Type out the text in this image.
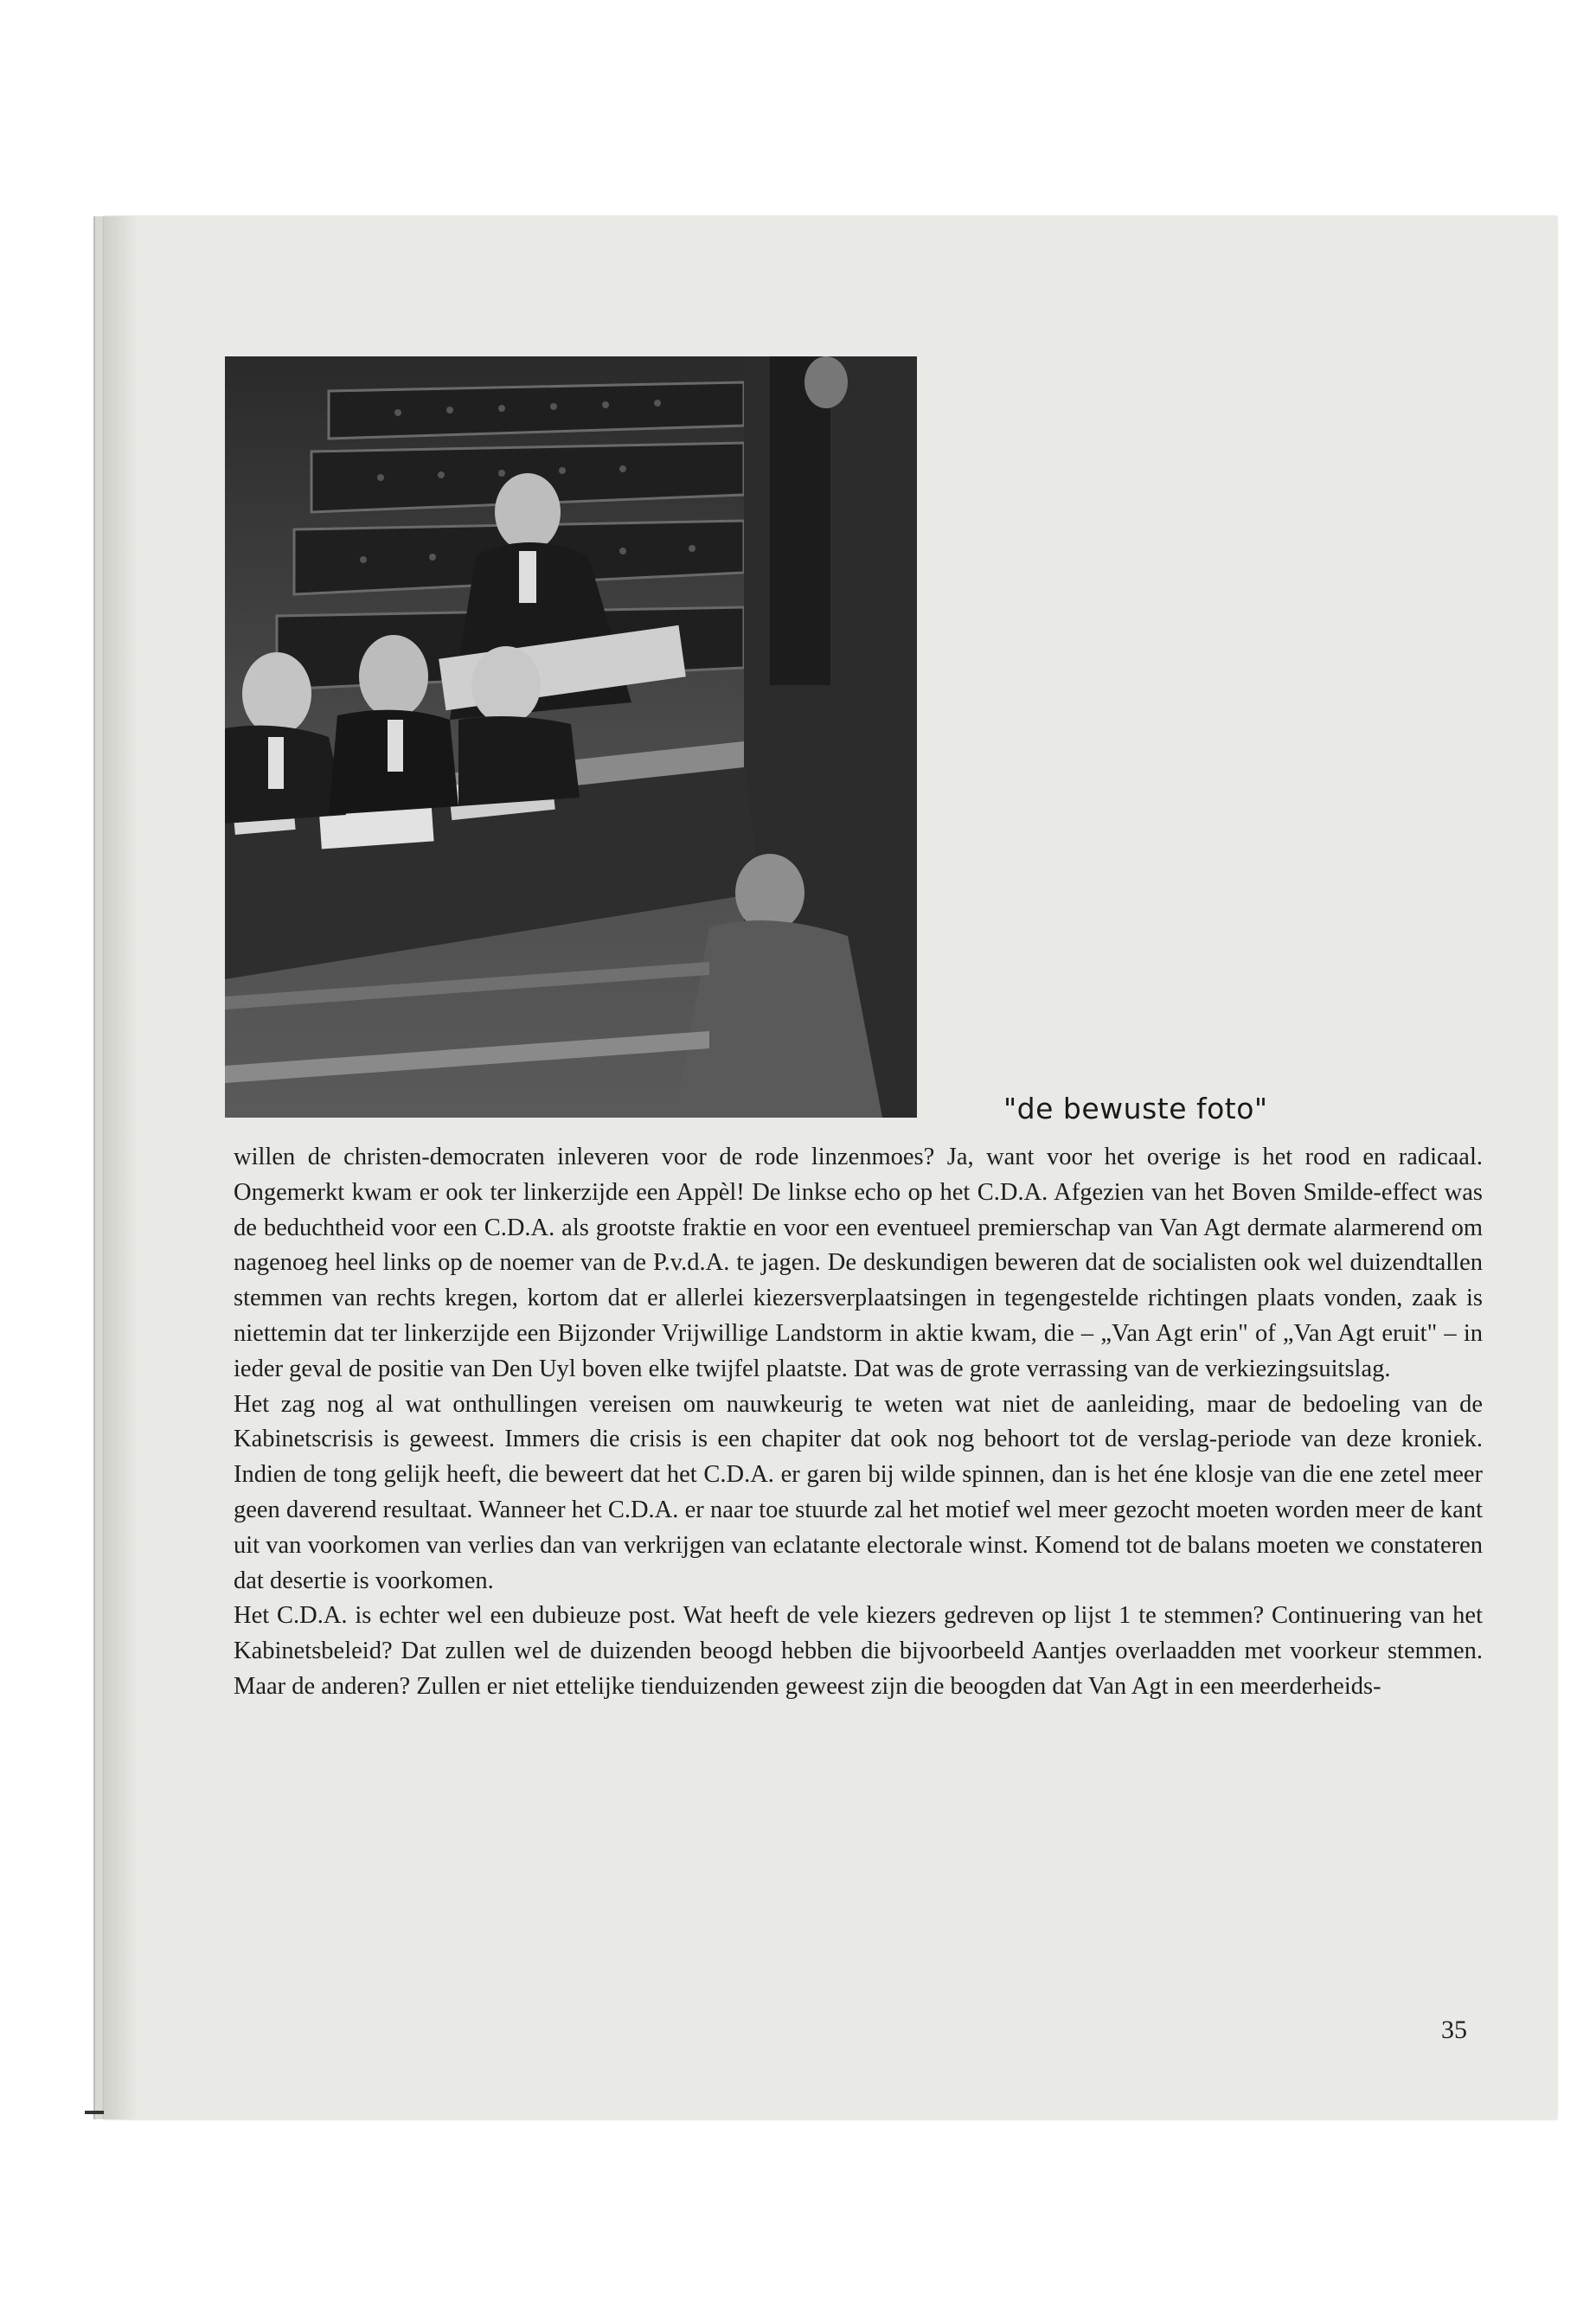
"de bewuste foto"

willen de christen-democraten inleveren voor de rode linzenmoes? Ja, want voor het overige is het rood en radicaal. Ongemerkt kwam er ook ter linkerzijde een Appèl! De linkse echo op het C.D.A. Afgezien van het Boven Smilde-effect was de beduchtheid voor een C.D.A. als grootste fraktie en voor een eventueel premierschap van Van Agt dermate alarmerend om nagenoeg heel links op de noemer van de P.v.d.A. te jagen. De deskundigen beweren dat de socialisten ook wel duizendtallen stemmen van rechts kregen, kortom dat er allerlei kiezersverplaatsingen in tegengestelde richtingen plaats vonden, zaak is niettemin dat ter linkerzijde een Bijzonder Vrijwillige Landstorm in aktie kwam, die – „Van Agt erin" of „Van Agt eruit" – in ieder geval de positie van Den Uyl boven elke twijfel plaatste. Dat was de grote verrassing van de verkiezingsuitslag.

Het zag nog al wat onthullingen vereisen om nauwkeurig te weten wat niet de aanleiding, maar de bedoeling van de Kabinetscrisis is geweest. Immers die crisis is een chapiter dat ook nog behoort tot de verslag-periode van deze kroniek. Indien de tong gelijk heeft, die beweert dat het C.D.A. er garen bij wilde spinnen, dan is het éne klosje van die ene zetel meer geen daverend resultaat. Wanneer het C.D.A. er naar toe stuurde zal het motief wel meer gezocht moeten worden meer de kant uit van voorkomen van verlies dan van verkrijgen van eclatante electorale winst. Komend tot de balans moeten we constateren dat desertie is voorkomen.

Het C.D.A. is echter wel een dubieuze post. Wat heeft de vele kiezers gedreven op lijst 1 te stemmen? Continuering van het Kabinetsbeleid? Dat zullen wel de duizenden beoogd hebben die bijvoorbeeld Aantjes overlaadden met voorkeur stemmen. Maar de anderen? Zullen er niet ettelijke tienduizenden geweest zijn die beoogden dat Van Agt in een meerderheids-

35
